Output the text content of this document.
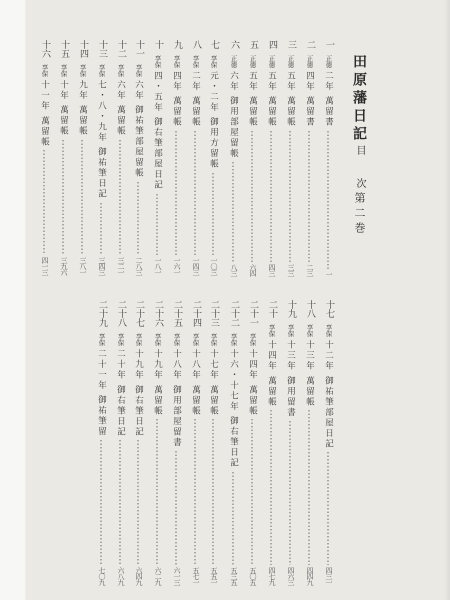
田原藩日記
目 次
第二巻
一
正徳
二年
萬留書
一
二
正徳
四年
萬留書
二三
三
正徳
五年
萬留帳
三三
四
正徳
五年
萬留帳
四三
五
正徳
五年
萬留帳
六四
六
正徳
六年
御用部屋留帳
八三
七
享保
元・二年
御用方留帳
一〇三
八
享保
二年
萬留帳
一四三
九
享保
四年
萬留帳
一六一
十
享保
四・五年
御右筆部屋日記
一八一
十一
享保
六年
御祐筆部屋留帳
二八三
十二
享保
六年
萬留帳
三二一
十三
享保
七・八・九年
御祐筆日記
三四三
十四
享保
九年
萬留帳
三八一
十五
享保
十年
萬留帳
三九六
十六
享保
十一年
萬留帳
四一三
十七
享保
十二年
御祐筆部屋日記
四三一
十八
享保
十三年
萬留帳
四四九
十九
享保
十三年
御用留書
四六三
二十
享保
十四年
萬留帳
四七九
二十一
享保
十四年
萬留帳
五〇五
二十二
享保
十六・十七年
御右筆日記
五三五
二十三
享保
十七年
萬留帳
五五一
二十四
享保
十八年
萬留帳
五七一
二十五
享保
十八年
御用部屋留書
六一三
二十六
享保
十九年
萬留帳
六二九
二十七
享保
十九年
御右筆日記
六四九
二十八
享保
二十年
御右筆日記
六八九
二十九
享保
二十一年
御祐筆留
七〇九
